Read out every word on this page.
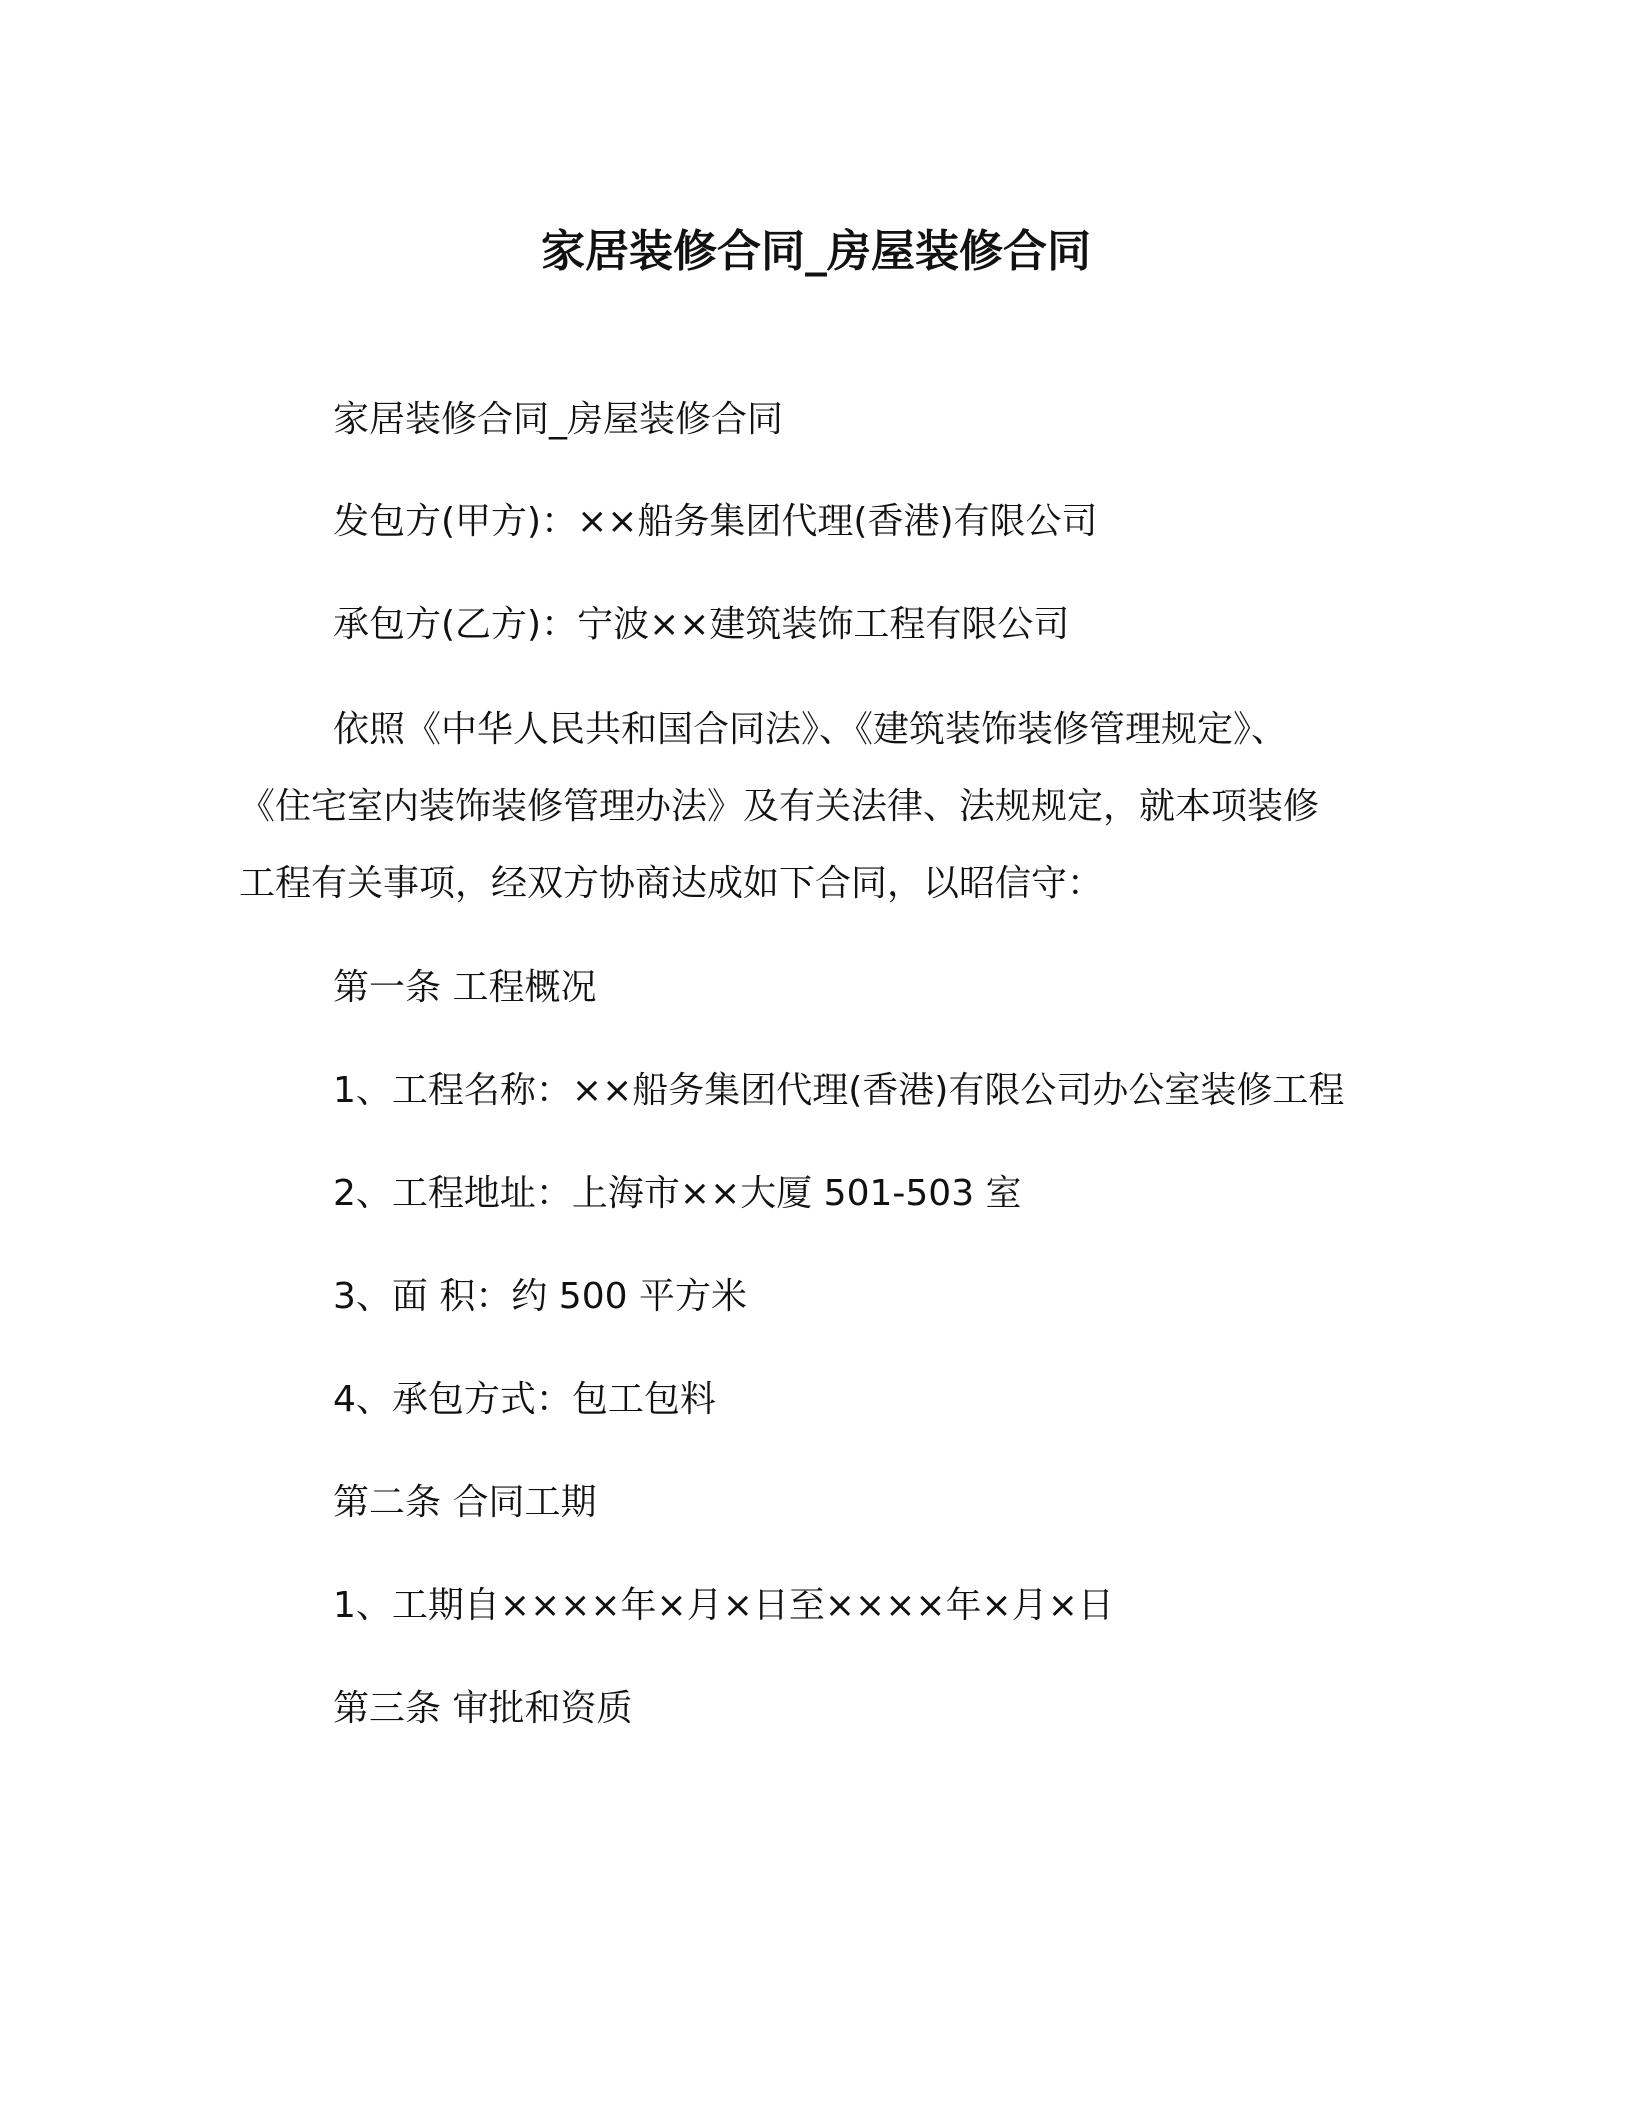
家居装修合同_房屋装修合同
家居装修合同_房屋装修合同
发包方(甲方)：××船务集团代理(香港)有限公司
承包方(乙方)：宁波××建筑装饰工程有限公司
依照《中华人民共和国合同法》、《建筑装饰装修管理规定》、
《住宅室内装饰装修管理办法》及有关法律、法规规定，就本项装修
工程有关事项，经双方协商达成如下合同，以昭信守：
第一条 工程概况
1、工程名称：××船务集团代理(香港)有限公司办公室装修工程
2、工程地址：上海市××大厦 501-503 室
3、面 积：约 500 平方米
4、承包方式：包工包料
第二条 合同工期
1、工期自××××年×月×日至××××年×月×日
第三条 审批和资质
